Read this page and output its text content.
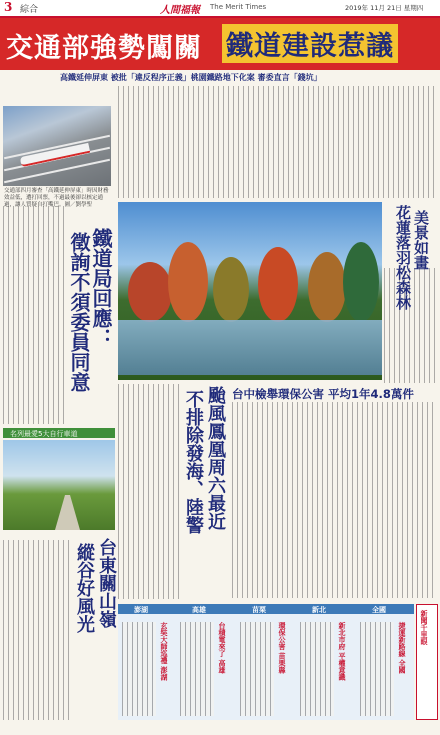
3 綜合	人間福報 The Merit Times	2019年 11月 21日 星期四
交通部強勢闖關 鐵道建設惹議
高鐵延伸屏東 被批「違反程序正義」桃園鐵路地下化案 審委直言「錢坑」
交通部四月審查「高鐵延伸屏東」時因財務效益低，遭打回票，不過最後卻以核定通過，讓人質疑自打嘴巴。圖／劉學聖
鐵道局回應：
徵詢不須委員同意	花蓮落羽松森林 美景如畫
颱風鳳凰周六最近
不排除發海、陸警 台中檢舉環保公害 平均1年4.8萬件
名列最愛5大自行車道
台東關山嶺
縱谷好風光	澎湖	高雄	苗栗	新北	全國
玄奘大師巡禮 澎湖	台積電來了 高雄	環保公害 苗栗縣	新北市府 平權意識	捷運新路線 全國 新聞千里眼
